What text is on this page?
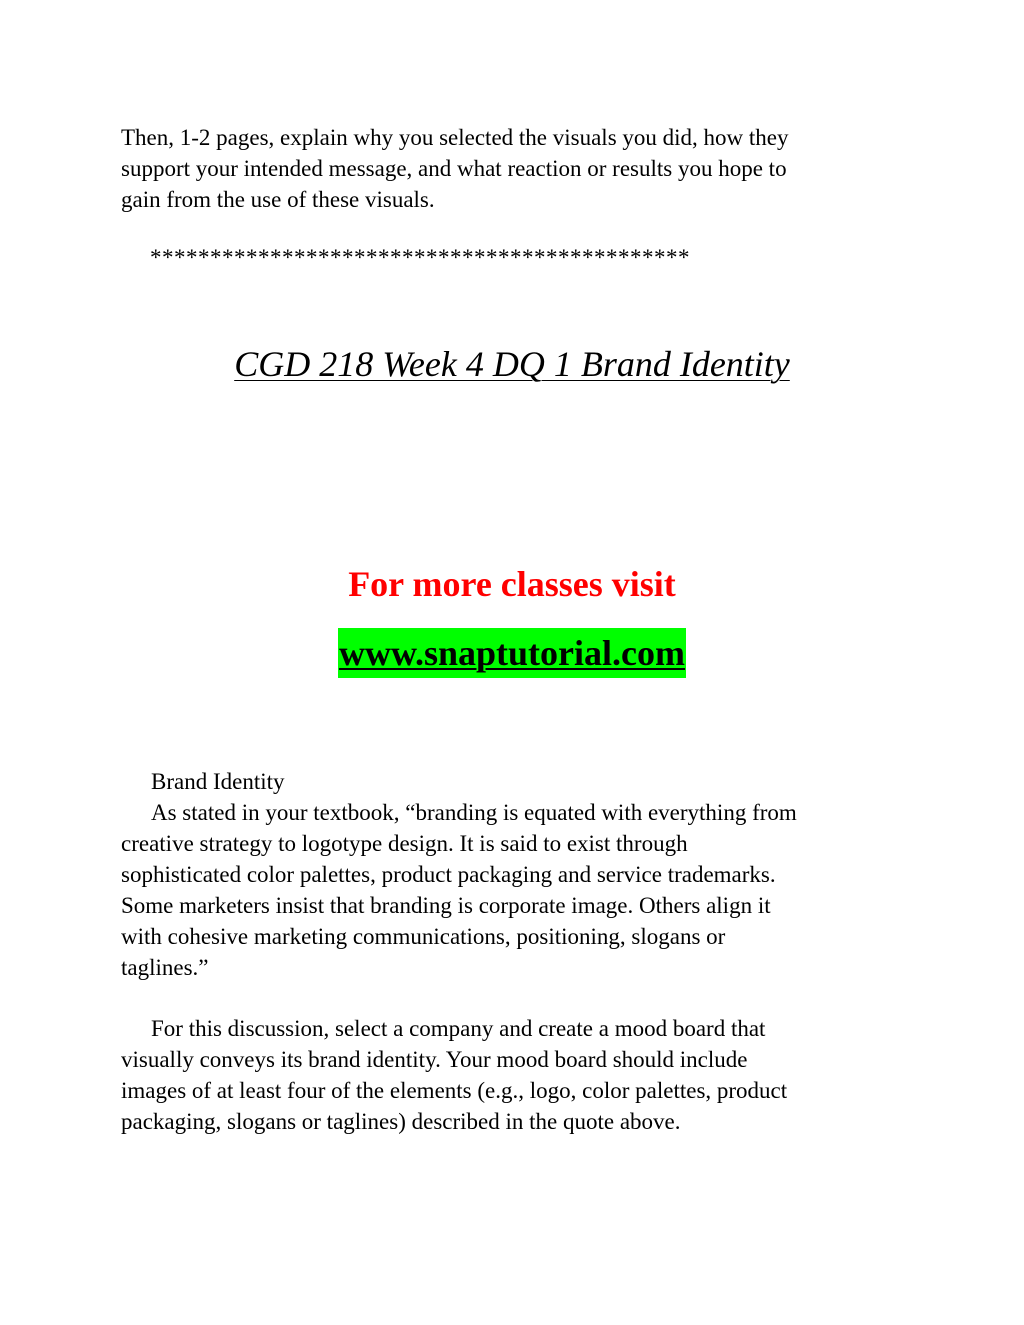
Then, 1-2 pages, explain why you selected the visuals you did, how they
support your intended message, and what reaction or results you hope to
gain from the use of these visuals.

*********************************************
CGD 218 Week 4 DQ 1 Brand Identity
For more classes visit
www.snaptutorial.com

Brand Identity
As stated in your textbook, “branding is equated with everything from
creative strategy to logotype design. It is said to exist through
sophisticated color palettes, product packaging and service trademarks.
Some marketers insist that branding is corporate image. Others align it
with cohesive marketing communications, positioning, slogans or
taglines.”

For this discussion, select a company and create a mood board that
visually conveys its brand identity. Your mood board should include
images of at least four of the elements (e.g., logo, color palettes, product
packaging, slogans or taglines) described in the quote above.
